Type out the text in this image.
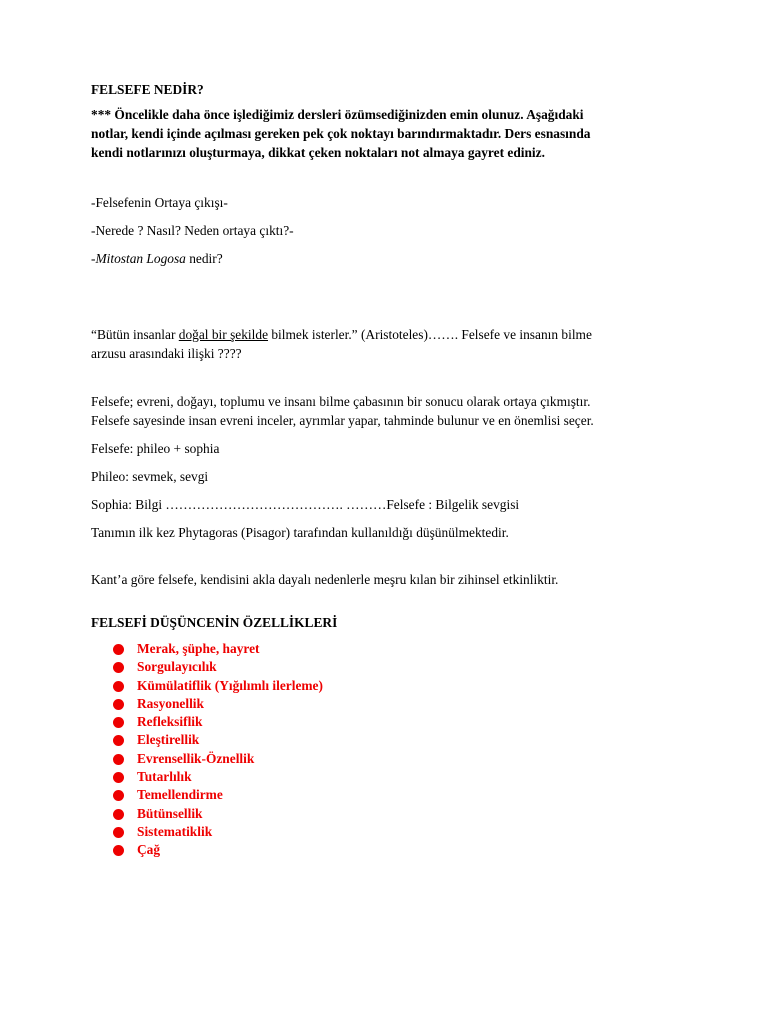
FELSEFE NEDİR?
*** Öncelikle daha önce işlediğimiz dersleri özümsediğinizden emin olunuz. Aşağıdaki
notlar, kendi içinde açılması gereken pek çok noktayı barındırmaktadır. Ders esnasında
kendi notlarınızı oluşturmaya, dikkat çeken noktaları not almaya gayret ediniz.
-Felsefenin Ortaya çıkışı-
-Nerede ? Nasıl? Neden ortaya çıktı?-
-Mitostan Logosa nedir?
“Bütün insanlar doğal bir şekilde bilmek isterler.” (Aristoteles)……. Felsefe ve insanın bilme
arzusu arasındaki ilişki ????
Felsefe; evreni, doğayı, toplumu ve insanı bilme çabasının bir sonucu olarak ortaya çıkmıştır.
Felsefe sayesinde insan evreni inceler, ayrımlar yapar, tahminde bulunur ve en önemlisi seçer.
Felsefe: phileo + sophia
Phileo: sevmek, sevgi
Sophia: Bilgi …………………………………. ………Felsefe : Bilgelik sevgisi
Tanımın ilk kez Phytagoras (Pisagor) tarafından kullanıldığı düşünülmektedir.
Kant’a göre felsefe, kendisini akla dayalı nedenlerle meşru kılan bir zihinsel etkinliktir.
FELSEFİ DÜŞÜNCENİN ÖZELLİKLERİ
Merak, şüphe, hayret
Sorgulayıcılık
Kümülatiflik (Yığılımlı ilerleme)
Rasyonellik
Refleksiflik
Eleştirellik
Evrensellik-Öznellik
Tutarlılık
Temellendirme
Bütünsellik
Sistematiklik
Çağ
